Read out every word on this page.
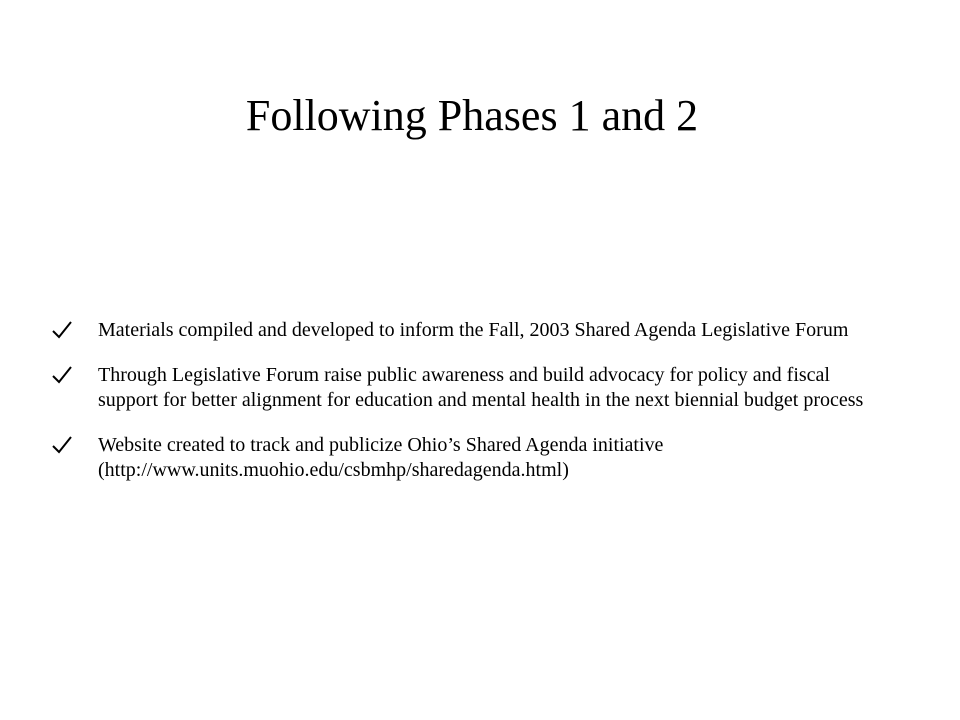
Following Phases 1 and 2
Materials compiled and developed to inform the Fall, 2003 Shared Agenda Legislative Forum
Through Legislative Forum raise public awareness and build advocacy for policy and fiscal support for better alignment for education and mental health in the next biennial budget process
Website created to track and publicize Ohio’s Shared Agenda initiative (http://www.units.muohio.edu/csbmhp/sharedagenda.html)
